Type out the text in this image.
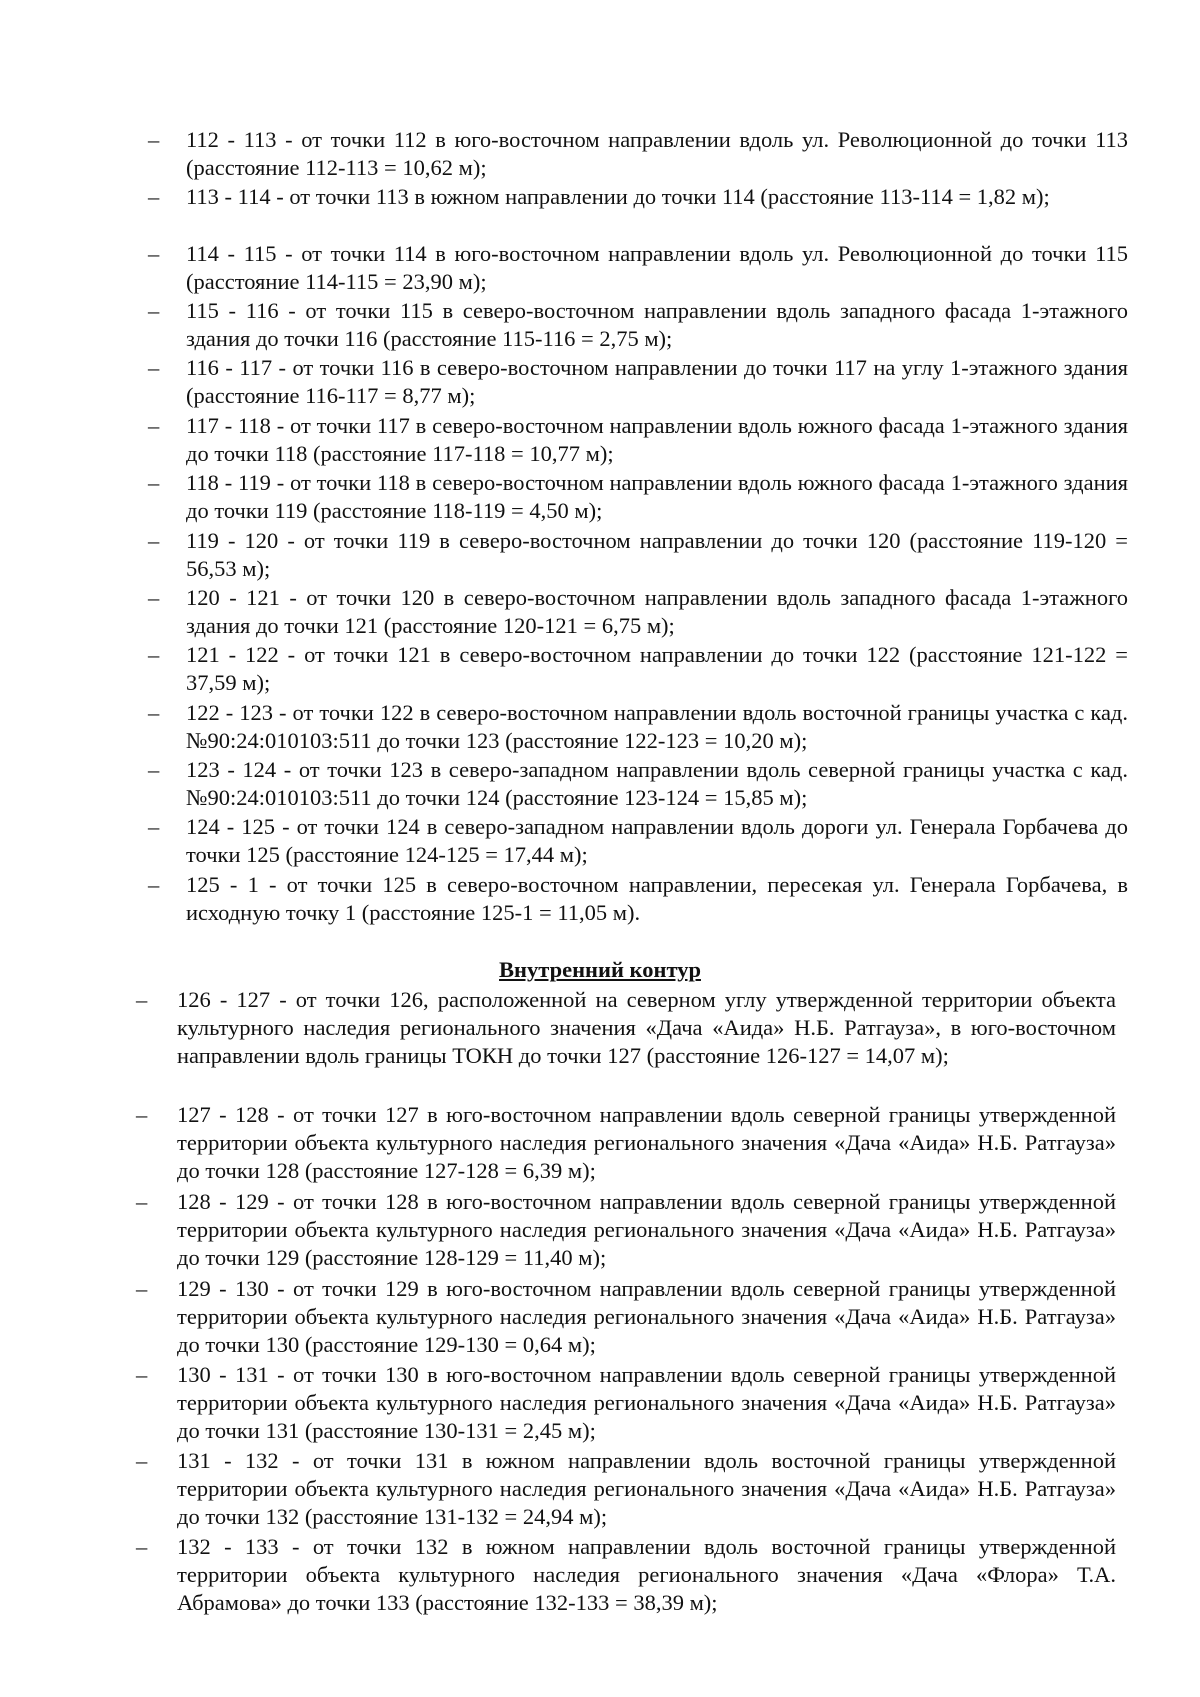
– 112 - 113 - от точки 112 в юго-восточном направлении вдоль ул. Революционной до точки 113 (расстояние 112-113 = 10,62 м);
– 113 - 114 - от точки 113 в южном направлении до точки 114 (расстояние 113-114 = 1,82 м);
– 114 - 115 - от точки 114 в юго-восточном направлении вдоль ул. Революционной до точки 115 (расстояние 114-115 = 23,90 м);
– 115 - 116 - от точки 115 в северо-восточном направлении вдоль западного фасада 1-этажного здания до точки 116 (расстояние 115-116 = 2,75 м);
– 116 - 117 - от точки 116 в северо-восточном направлении до точки 117 на углу 1-этажного здания (расстояние 116-117 = 8,77 м);
– 117 - 118 - от точки 117 в северо-восточном направлении вдоль южного фасада 1-этажного здания до точки 118 (расстояние 117-118 = 10,77 м);
– 118 - 119 - от точки 118 в северо-восточном направлении вдоль южного фасада 1-этажного здания до точки 119 (расстояние 118-119 = 4,50 м);
– 119 - 120 - от точки 119 в северо-восточном направлении до точки 120 (расстояние 119-120 = 56,53 м);
– 120 - 121 - от точки 120 в северо-восточном направлении вдоль западного фасада 1-этажного здания до точки 121 (расстояние 120-121 = 6,75 м);
– 121 - 122 - от точки 121 в северо-восточном направлении до точки 122 (расстояние 121-122 = 37,59 м);
– 122 - 123 - от точки 122 в северо-восточном направлении вдоль восточной границы участка с кад. №90:24:010103:511 до точки 123 (расстояние 122-123 = 10,20 м);
– 123 - 124 - от точки 123 в северо-западном направлении вдоль северной границы участка с кад. №90:24:010103:511 до точки 124 (расстояние 123-124 = 15,85 м);
– 124 - 125 - от точки 124 в северо-западном направлении вдоль дороги ул. Генерала Горбачева до точки 125 (расстояние 124-125 = 17,44 м);
– 125 - 1 - от точки 125 в северо-восточном направлении, пересекая ул. Генерала Горбачева, в исходную точку 1 (расстояние 125-1 = 11,05 м).
Внутренний контур
– 126 - 127 - от точки 126, расположенной на северном углу утвержденной территории объекта культурного наследия регионального значения «Дача «Аида» Н.Б. Ратгауза», в юго-восточном направлении вдоль границы ТОКН до точки 127 (расстояние 126-127 = 14,07 м);
– 127 - 128 - от точки 127 в юго-восточном направлении вдоль северной границы утвержденной территории объекта культурного наследия регионального значения «Дача «Аида» Н.Б. Ратгауза» до точки 128 (расстояние 127-128 = 6,39 м);
– 128 - 129 - от точки 128 в юго-восточном направлении вдоль северной границы утвержденной территории объекта культурного наследия регионального значения «Дача «Аида» Н.Б. Ратгауза» до точки 129 (расстояние 128-129 = 11,40 м);
– 129 - 130 - от точки 129 в юго-восточном направлении вдоль северной границы утвержденной территории объекта культурного наследия регионального значения «Дача «Аида» Н.Б. Ратгауза» до точки 130 (расстояние 129-130 = 0,64 м);
– 130 - 131 - от точки 130 в юго-восточном направлении вдоль северной границы утвержденной территории объекта культурного наследия регионального значения «Дача «Аида» Н.Б. Ратгауза» до точки 131 (расстояние 130-131 = 2,45 м);
– 131 - 132 - от точки 131 в южном направлении вдоль восточной границы утвержденной территории объекта культурного наследия регионального значения «Дача «Аида» Н.Б. Ратгауза» до точки 132 (расстояние 131-132 = 24,94 м);
– 132 - 133 - от точки 132 в южном направлении вдоль восточной границы утвержденной территории объекта культурного наследия регионального значения «Дача «Флора» Т.А. Абрамова» до точки 133 (расстояние 132-133 = 38,39 м);
